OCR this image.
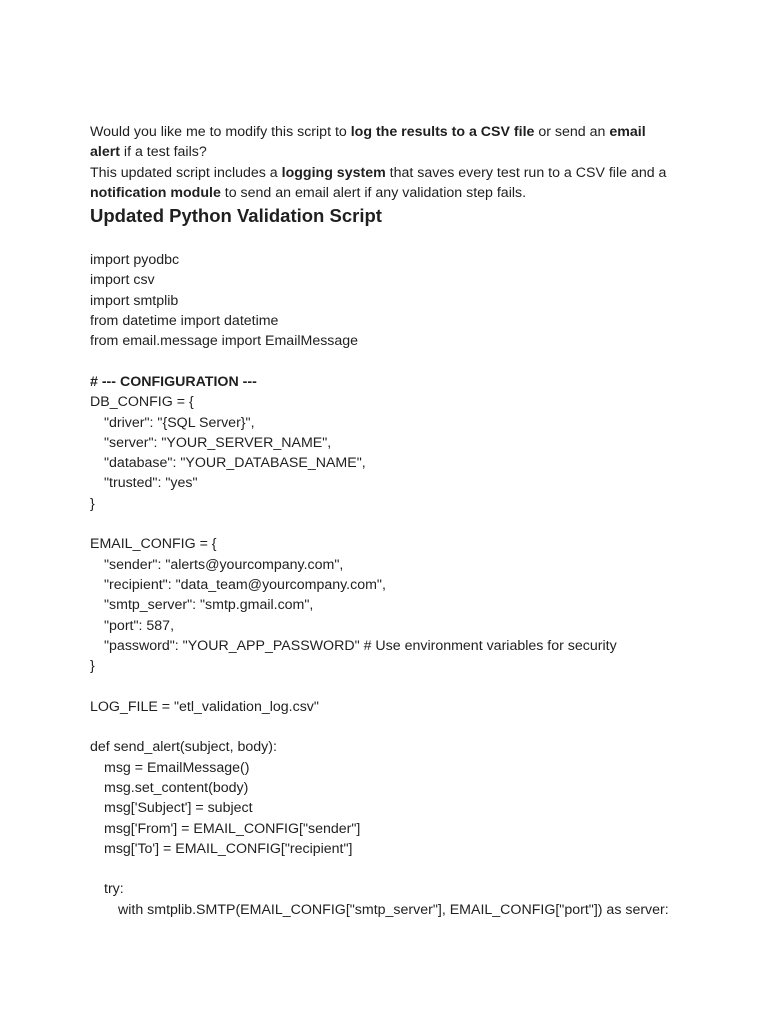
Would you like me to modify this script to log the results to a CSV file or send an email

alert if a test fails?

This updated script includes a logging system that saves every test run to a CSV file and a

notification module to send an email alert if any validation step fails.

Updated Python Validation Script
import pyodbc
import csv
import smtplib
from datetime import datetime
from email.message import EmailMessage
# --- CONFIGURATION ---
DB_CONFIG = {
"driver": "{SQL Server}",
"server": "YOUR_SERVER_NAME",
"database": "YOUR_DATABASE_NAME",
"trusted": "yes"
}
EMAIL_CONFIG = {
"sender": "alerts@yourcompany.com",
"recipient": "data_team@yourcompany.com",
"smtp_server": "smtp.gmail.com",
"port": 587,
"password": "YOUR_APP_PASSWORD" # Use environment variables for security
}
LOG_FILE = "etl_validation_log.csv"
def send_alert(subject, body):
msg = EmailMessage()
msg.set_content(body)
msg['Subject'] = subject
msg['From'] = EMAIL_CONFIG["sender"]
msg['To'] = EMAIL_CONFIG["recipient"]
try:
with smtplib.SMTP(EMAIL_CONFIG["smtp_server"], EMAIL_CONFIG["port"]) as server:
